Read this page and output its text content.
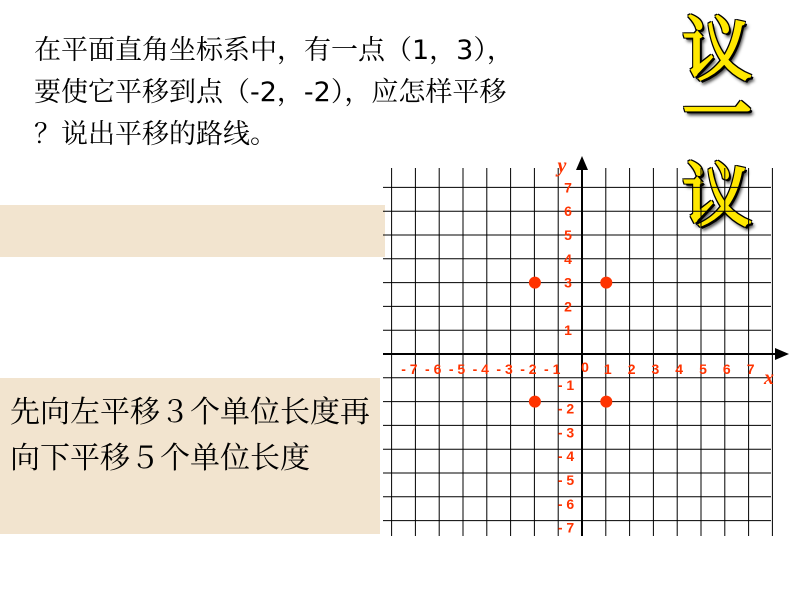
在平面直角坐标系中，有一点（1，3），
要使它平移到点（-2，-2），应怎样平移
？说出平移的路线。
先向左平移３个单位长度再向下平移５个单位长度
议
一
议
- 7 - 6 - 5 - 4 - 3 - 2 - 1	1 2 3 4 5 6 7
1
2
3
4
5
6
7
- 1
- 2
- 3
- 4
- 5
- 6
- 7
0	x
y
